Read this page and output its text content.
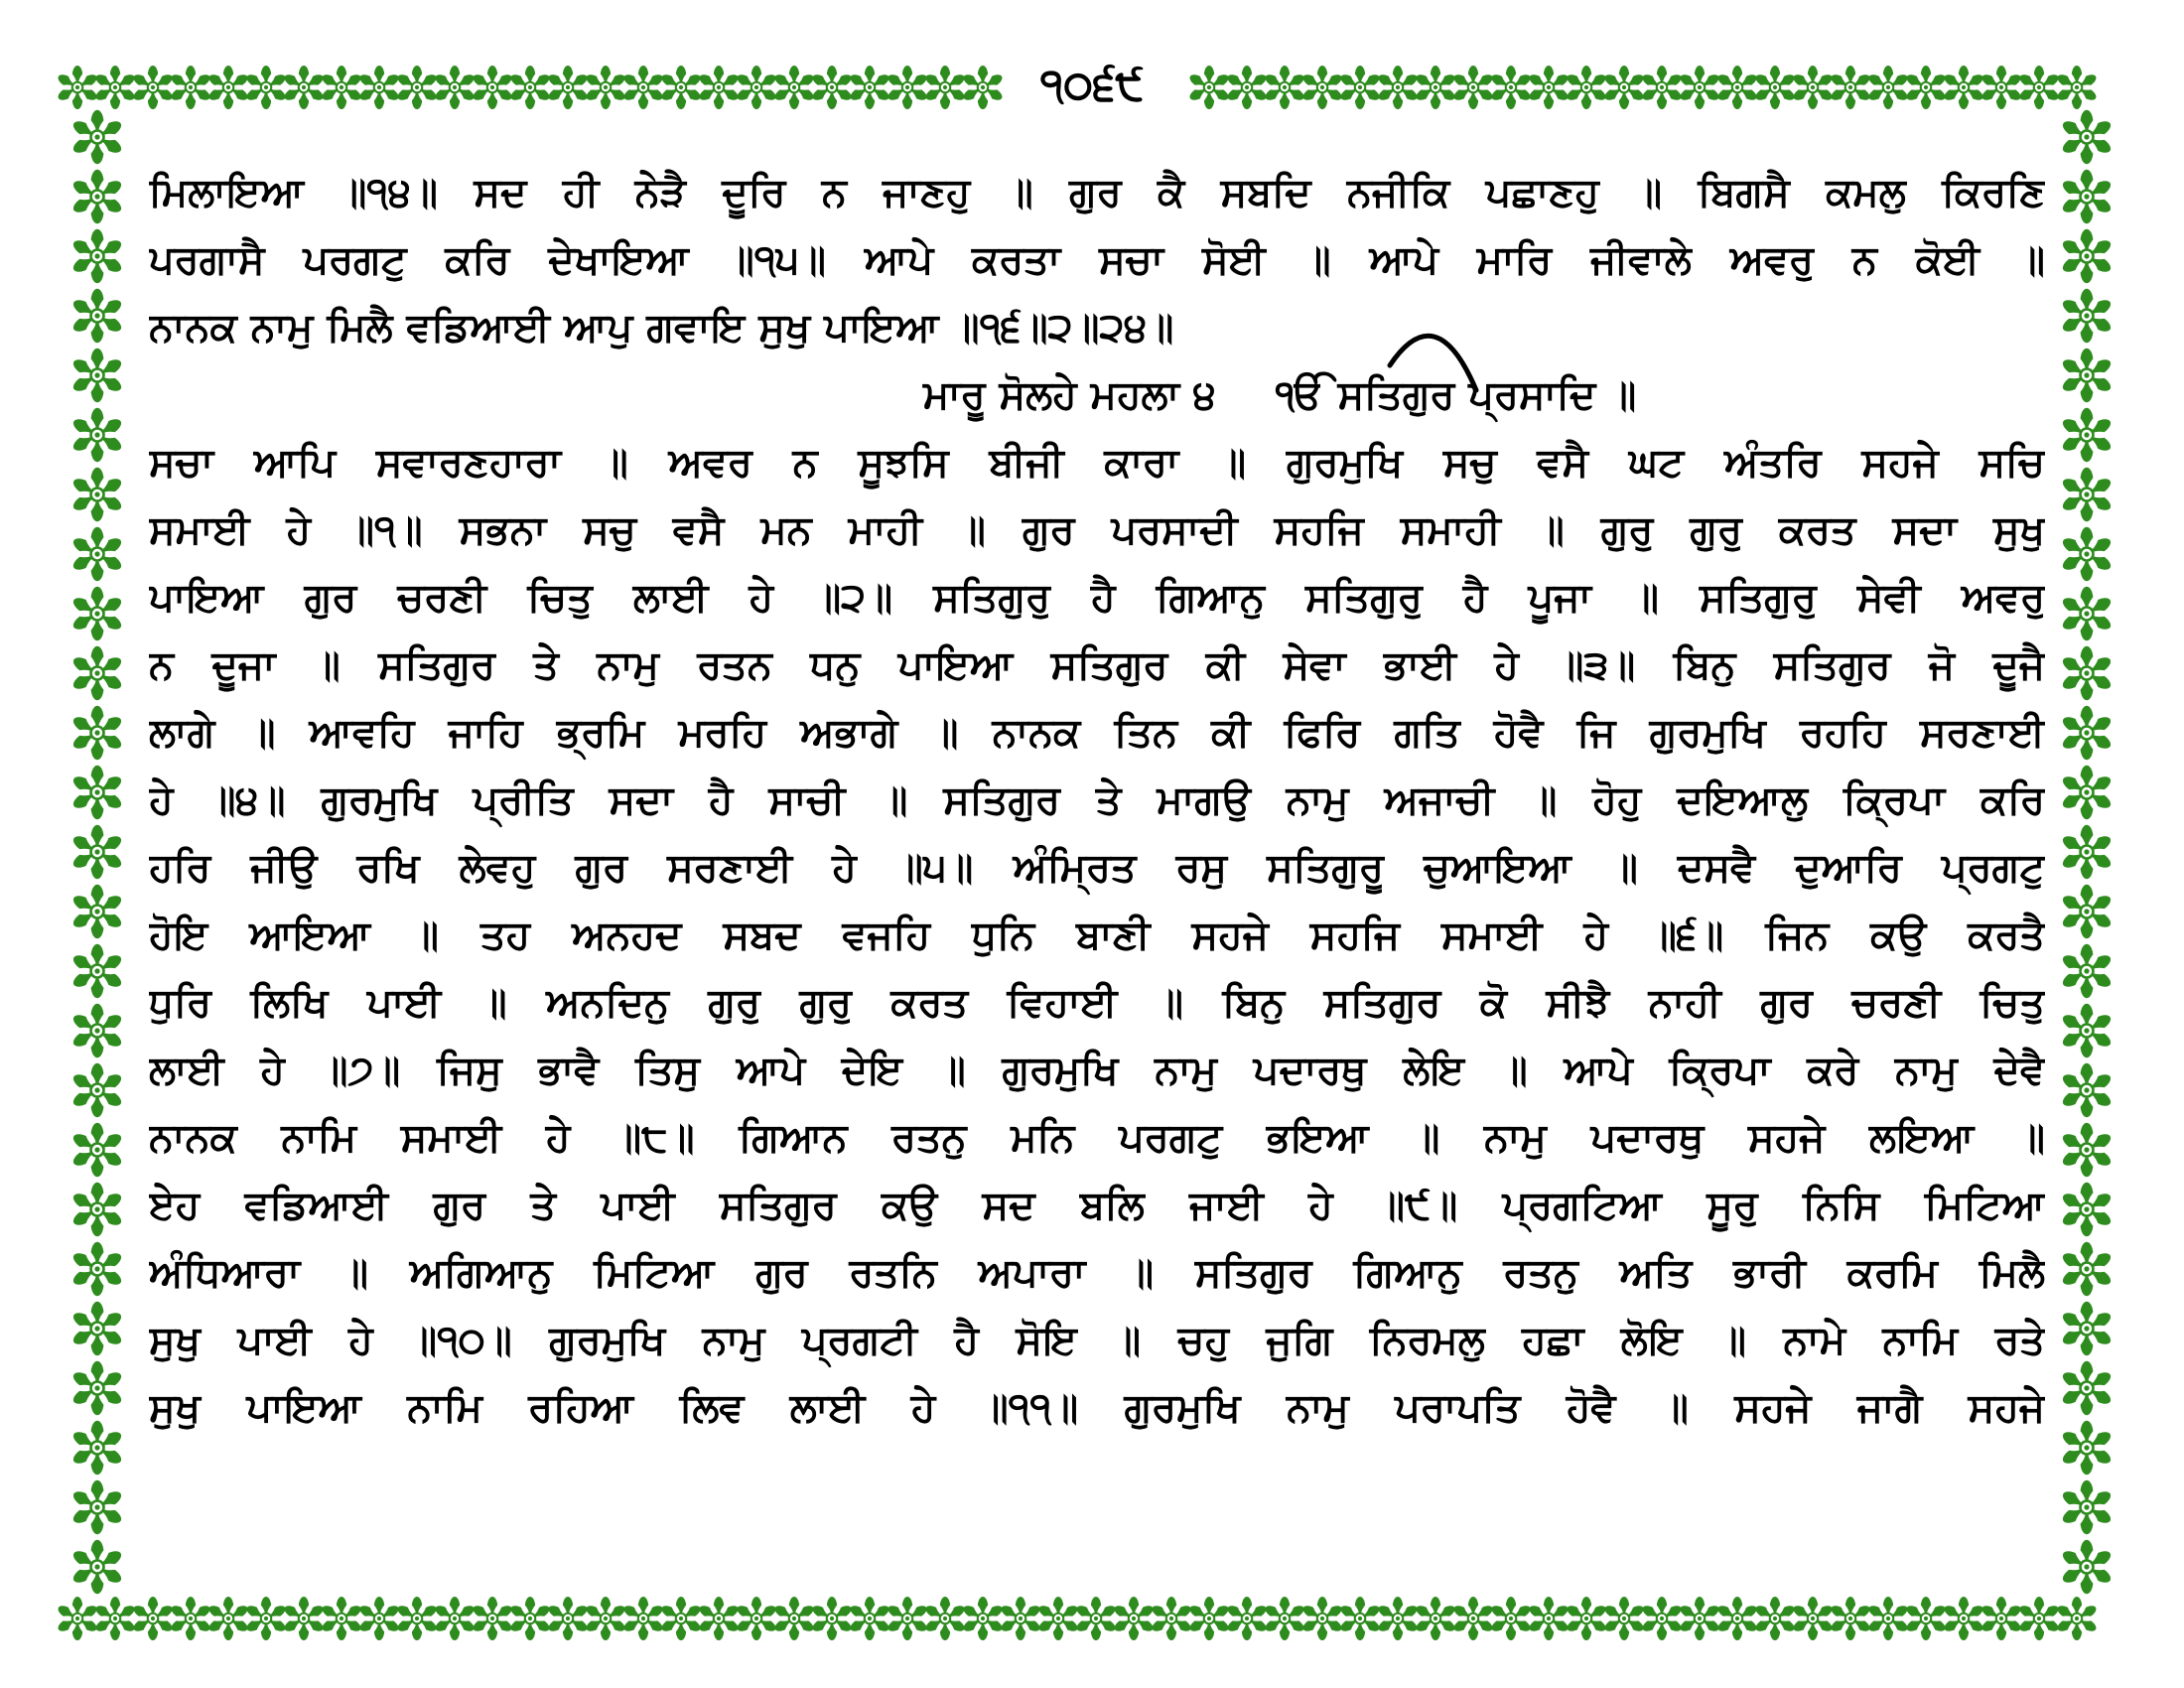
੧੦੬੯
ਮਿਲਾਇਆ ॥੧੪॥ ਸਦ ਹੀ ਨੇੜੈ ਦੂਰਿ ਨ ਜਾਣਹੁ ॥ ਗੁਰ ਕੈ ਸਬਦਿ ਨਜੀਕਿ ਪਛਾਣਹੁ ॥ ਬਿਗਸੈ ਕਮਲੁ ਕਿਰਣਿ
ਪਰਗਾਸੈ ਪਰਗਟੁ ਕਰਿ ਦੇਖਾਇਆ ॥੧੫॥ ਆਪੇ ਕਰਤਾ ਸਚਾ ਸੋਈ ॥ ਆਪੇ ਮਾਰਿ ਜੀਵਾਲੇ ਅਵਰੁ ਨ ਕੋਈ ॥
ਨਾਨਕ ਨਾਮੁ ਮਿਲੈ ਵਡਿਆਈ ਆਪੁ ਗਵਾਇ ਸੁਖੁ ਪਾਇਆ ॥੧੬॥੨॥੨੪॥
ਮਾਰੂ ਸੋਲਹੇ ਮਹਲਾ ੪ ੴ ਸਤਿਗੁਰ ਪ੍ਰਸਾਦਿ ॥
ਸਚਾ ਆਪਿ ਸਵਾਰਣਹਾਰਾ ॥ ਅਵਰ ਨ ਸੂਝਸਿ ਬੀਜੀ ਕਾਰਾ ॥ ਗੁਰਮੁਖਿ ਸਚੁ ਵਸੈ ਘਟ ਅੰਤਰਿ ਸਹਜੇ ਸਚਿ
ਸਮਾਈ ਹੇ ॥੧॥ ਸਭਨਾ ਸਚੁ ਵਸੈ ਮਨ ਮਾਹੀ ॥ ਗੁਰ ਪਰਸਾਦੀ ਸਹਜਿ ਸਮਾਹੀ ॥ ਗੁਰੁ ਗੁਰੁ ਕਰਤ ਸਦਾ ਸੁਖੁ
ਪਾਇਆ ਗੁਰ ਚਰਣੀ ਚਿਤੁ ਲਾਈ ਹੇ ॥੨॥ ਸਤਿਗੁਰੁ ਹੈ ਗਿਆਨੁ ਸਤਿਗੁਰੁ ਹੈ ਪੂਜਾ ॥ ਸਤਿਗੁਰੁ ਸੇਵੀ ਅਵਰੁ
ਨ ਦੂਜਾ ॥ ਸਤਿਗੁਰ ਤੇ ਨਾਮੁ ਰਤਨ ਧਨੁ ਪਾਇਆ ਸਤਿਗੁਰ ਕੀ ਸੇਵਾ ਭਾਈ ਹੇ ॥੩॥ ਬਿਨੁ ਸਤਿਗੁਰ ਜੋ ਦੂਜੈ
ਲਾਗੇ ॥ ਆਵਹਿ ਜਾਹਿ ਭ੍ਰਮਿ ਮਰਹਿ ਅਭਾਗੇ ॥ ਨਾਨਕ ਤਿਨ ਕੀ ਫਿਰਿ ਗਤਿ ਹੋਵੈ ਜਿ ਗੁਰਮੁਖਿ ਰਹਹਿ ਸਰਣਾਈ
ਹੇ ॥੪॥ ਗੁਰਮੁਖਿ ਪ੍ਰੀਤਿ ਸਦਾ ਹੈ ਸਾਚੀ ॥ ਸਤਿਗੁਰ ਤੇ ਮਾਗਉ ਨਾਮੁ ਅਜਾਚੀ ॥ ਹੋਹੁ ਦਇਆਲੁ ਕ੍ਰਿਪਾ ਕਰਿ
ਹਰਿ ਜੀਉ ਰਖਿ ਲੇਵਹੁ ਗੁਰ ਸਰਣਾਈ ਹੇ ॥੫॥ ਅੰਮ੍ਰਿਤ ਰਸੁ ਸਤਿਗੁਰੂ ਚੁਆਇਆ ॥ ਦਸਵੈ ਦੁਆਰਿ ਪ੍ਰਗਟੁ
ਹੋਇ ਆਇਆ ॥ ਤਹ ਅਨਹਦ ਸਬਦ ਵਜਹਿ ਧੁਨਿ ਬਾਣੀ ਸਹਜੇ ਸਹਜਿ ਸਮਾਈ ਹੇ ॥੬॥ ਜਿਨ ਕਉ ਕਰਤੈ
ਧੁਰਿ ਲਿਖਿ ਪਾਈ ॥ ਅਨਦਿਨੁ ਗੁਰੁ ਗੁਰੁ ਕਰਤ ਵਿਹਾਈ ॥ ਬਿਨੁ ਸਤਿਗੁਰ ਕੋ ਸੀਝੈ ਨਾਹੀ ਗੁਰ ਚਰਣੀ ਚਿਤੁ
ਲਾਈ ਹੇ ॥੭॥ ਜਿਸੁ ਭਾਵੈ ਤਿਸੁ ਆਪੇ ਦੇਇ ॥ ਗੁਰਮੁਖਿ ਨਾਮੁ ਪਦਾਰਥੁ ਲੇਇ ॥ ਆਪੇ ਕ੍ਰਿਪਾ ਕਰੇ ਨਾਮੁ ਦੇਵੈ
ਨਾਨਕ ਨਾਮਿ ਸਮਾਈ ਹੇ ॥੮॥ ਗਿਆਨ ਰਤਨੁ ਮਨਿ ਪਰਗਟੁ ਭਇਆ ॥ ਨਾਮੁ ਪਦਾਰਥੁ ਸਹਜੇ ਲਇਆ ॥
ਏਹ ਵਡਿਆਈ ਗੁਰ ਤੇ ਪਾਈ ਸਤਿਗੁਰ ਕਉ ਸਦ ਬਲਿ ਜਾਈ ਹੇ ॥੯॥ ਪ੍ਰਗਟਿਆ ਸੂਰੁ ਨਿਸਿ ਮਿਟਿਆ
ਅੰਧਿਆਰਾ ॥ ਅਗਿਆਨੁ ਮਿਟਿਆ ਗੁਰ ਰਤਨਿ ਅਪਾਰਾ ॥ ਸਤਿਗੁਰ ਗਿਆਨੁ ਰਤਨੁ ਅਤਿ ਭਾਰੀ ਕਰਮਿ ਮਿਲੈ
ਸੁਖੁ ਪਾਈ ਹੇ ॥੧੦॥ ਗੁਰਮੁਖਿ ਨਾਮੁ ਪ੍ਰਗਟੀ ਹੈ ਸੋਇ ॥ ਚਹੁ ਜੁਗਿ ਨਿਰਮਲੁ ਹਛਾ ਲੋਇ ॥ ਨਾਮੇ ਨਾਮਿ ਰਤੇ
ਸੁਖੁ ਪਾਇਆ ਨਾਮਿ ਰਹਿਆ ਲਿਵ ਲਾਈ ਹੇ ॥੧੧॥ ਗੁਰਮੁਖਿ ਨਾਮੁ ਪਰਾਪਤਿ ਹੋਵੈ ॥ ਸਹਜੇ ਜਾਗੈ ਸਹਜੇ
